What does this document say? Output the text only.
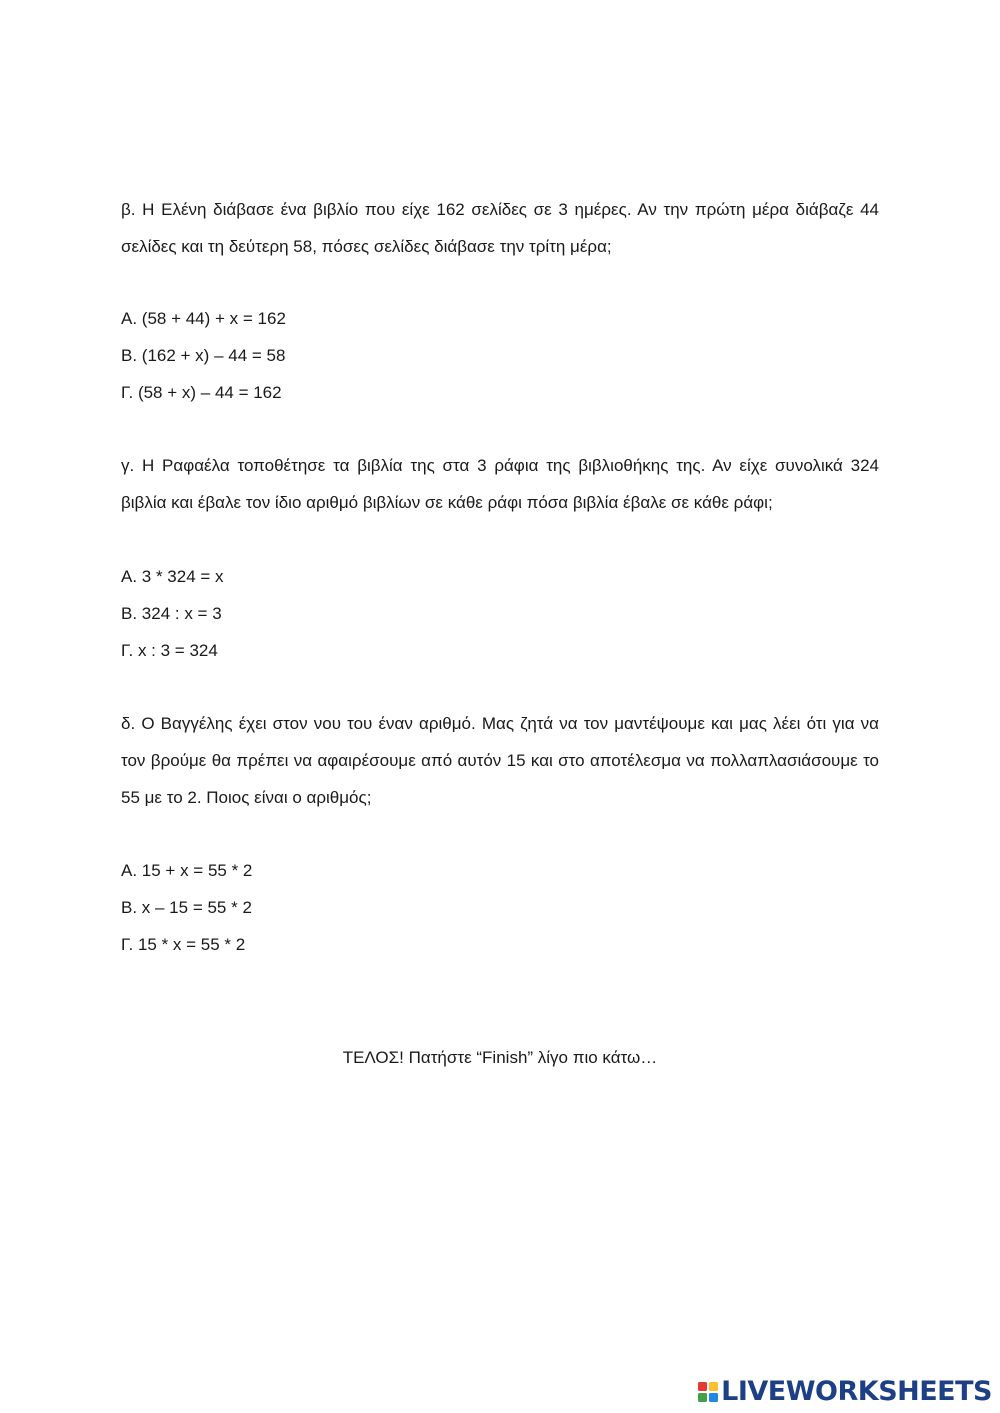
β. Η Ελένη διάβασε ένα βιβλίο που είχε 162 σελίδες σε 3 ημέρες. Αν την πρώτη μέρα διάβαζε 44 σελίδες και τη δεύτερη 58, πόσες σελίδες διάβασε την τρίτη μέρα;

Α. (58 + 44) + x = 162
Β. (162 + x) – 44 = 58
Γ. (58 + x) – 44 = 162

γ. Η Ραφαέλα τοποθέτησε τα βιβλία της στα 3 ράφια της βιβλιοθήκης της. Αν είχε συνολικά 324 βιβλία και έβαλε τον ίδιο αριθμό βιβλίων σε κάθε ράφι πόσα βιβλία έβαλε σε κάθε ράφι;

Α. 3 * 324 = x
Β. 324 : x = 3
Γ. x : 3 = 324

δ. Ο Βαγγέλης έχει στον νου του έναν αριθμό. Μας ζητά να τον μαντέψουμε και μας λέει ότι για να τον βρούμε θα πρέπει να αφαιρέσουμε από αυτόν 15 και στο αποτέλεσμα να πολλαπλασιάσουμε το 55 με το 2. Ποιος είναι ο αριθμός;

Α. 15 + x = 55 * 2
Β. x – 15 = 55 * 2
Γ. 15 * x = 55 * 2

ΤΕΛΟΣ! Πατήστε “Finish” λίγο πιο κάτω…

LIVEWORKSHEETS
